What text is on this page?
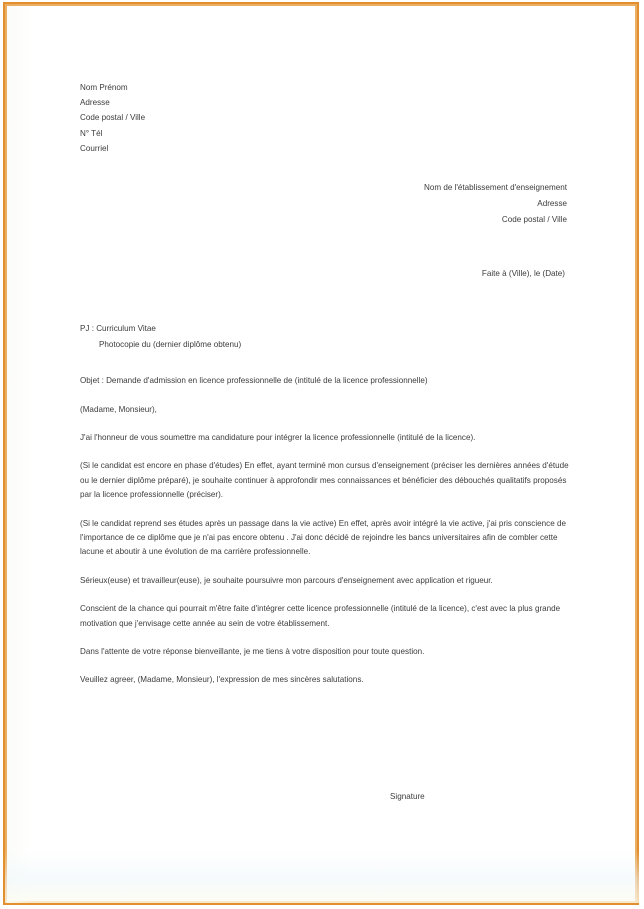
Nom Prénom
Adresse
Code postal / Ville
N° Tél
Courriel
Nom de l'établissement d'enseignement
Adresse
Code postal / Ville
Faite à (Ville), le (Date)
PJ : Curriculum Vitae
Photocopie du (dernier diplôme obtenu)
Objet : Demande d'admission en licence professionnelle de (intitulé de la licence professionnelle)
(Madame, Monsieur),

J'ai l'honneur de vous soumettre ma candidature pour intégrer la licence professionnelle (intitulé de la licence).

(Si le candidat est encore en phase d'études) En effet, ayant terminé mon cursus d'enseignement (préciser les dernières années d'étude ou le dernier diplôme préparé), je souhaite continuer à approfondir mes connaissances et bénéficier des débouchés qualitatifs proposés par la licence professionnelle (préciser).

(Si le candidat reprend ses études après un passage dans la vie active) En effet, après avoir intégré la vie active, j'ai pris conscience de l'importance de ce diplôme que je n'ai pas encore obtenu . J'ai donc décidé de rejoindre les bancs universitaires afin de combler cette lacune et aboutir à une évolution de ma carrière professionnelle.

Sérieux(euse) et travailleur(euse), je souhaite poursuivre mon parcours d'enseignement avec application et rigueur.

Conscient de la chance qui pourrait m'être faite d'intégrer cette licence professionnelle (intitulé de la licence), c'est avec la plus grande motivation que j'envisage cette année au sein de votre établissement.

Dans l'attente de votre réponse bienveillante, je me tiens à votre disposition pour toute question.

Veuillez agreer, (Madame, Monsieur), l'expression de mes sincères salutations.

Signature
